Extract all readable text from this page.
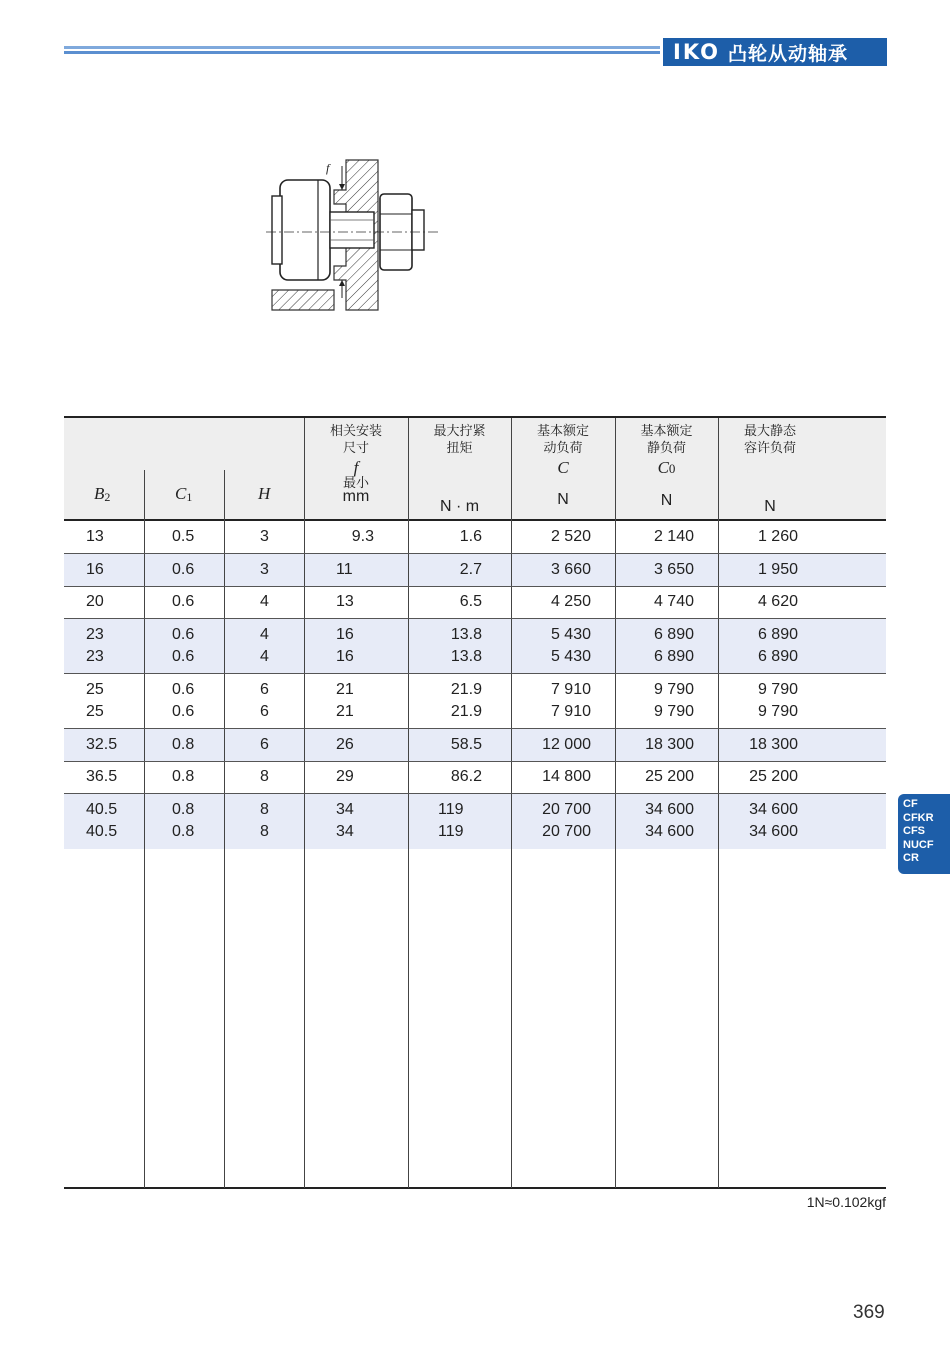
IKO 凸轮从动轴承
f
$B_2$	$C_1$	H
相关安装
尺寸
f
最小
mm
最大拧紧
扭矩
N · m
基本额定
动负荷
C
N
基本额定
静负荷
C0
N
最大静态
容许负荷
N
13	0.5	3	9.3	1.6	2 520	2 140	1 260
16	0.6	3	11	2.7	3 660	3 650	1 950
20	0.6	4	13	6.5	4 250	4 740	4 620
23	0.6	4	16	13.8	5 430	6 890	6 890
23	0.6	4	16	13.8	5 430	6 890	6 890
25	0.6	6	21	21.9	7 910	9 790	9 790
25	0.6	6	21	21.9	7 910	9 790	9 790
32.5	0.8	6	26	58.5	12 000	18 300	18 300
36.5	0.8	8	29	86.2	14 800	25 200	25 200
40.5	0.8	8	34	119	20 700	34 600	34 600
40.5	0.8	8	34	119	20 700	34 600	34 600
1N≈0.102kgf
CF
CFKR
CFS
NUCF
CR
369
